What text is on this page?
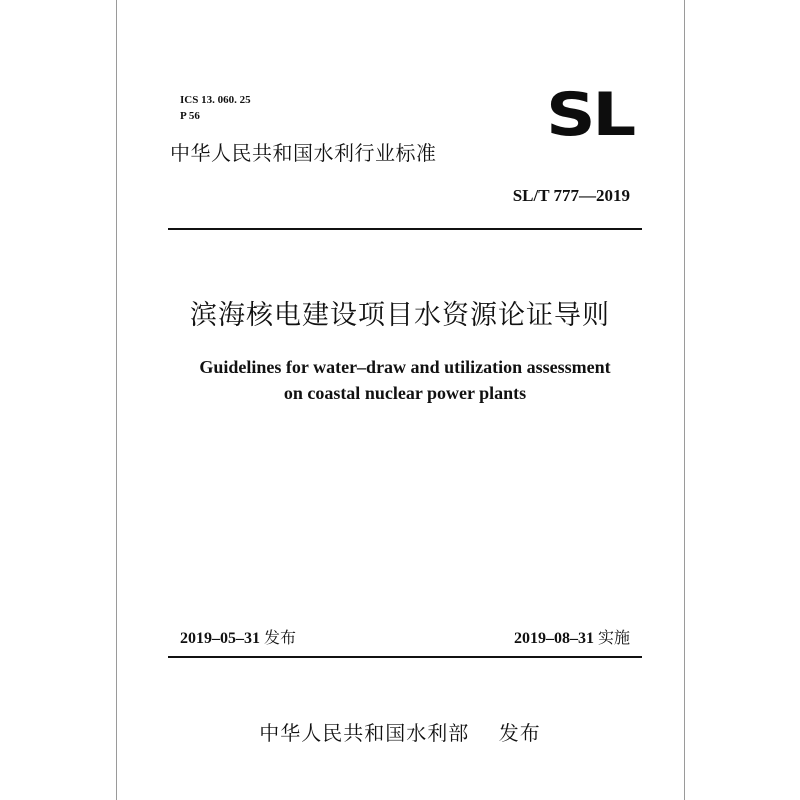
ICS 13. 060. 25
P 56	SL
中华人民共和国水利行业标准
SL/T 777—2019
滨海核电建设项目水资源论证导则
Guidelines for water–draw and utilization assessment
on coastal nuclear power plants
2019–05–31 发布	2019–08–31 实施
中华人民共和国水利部    发布
